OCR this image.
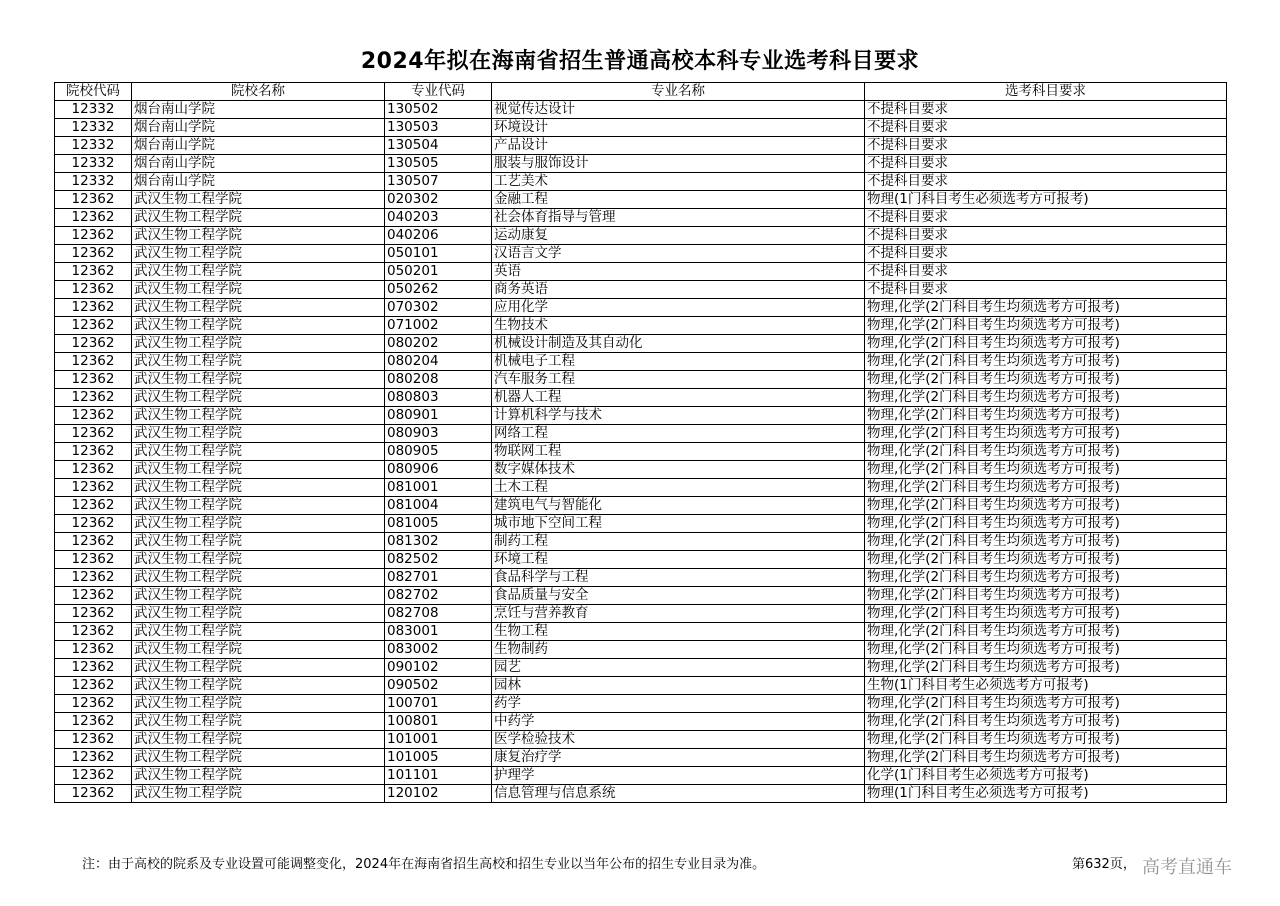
2024年拟在海南省招生普通高校本科专业选考科目要求
院校代码	院校名称	专业代码	专业名称	选考科目要求
12332	烟台南山学院	130502	视觉传达设计	不提科目要求
12332	烟台南山学院	130503	环境设计	不提科目要求
12332	烟台南山学院	130504	产品设计	不提科目要求
12332	烟台南山学院	130505	服装与服饰设计	不提科目要求
12332	烟台南山学院	130507	工艺美术	不提科目要求
12362	武汉生物工程学院	020302	金融工程	物理(1门科目考生必须选考方可报考)
12362	武汉生物工程学院	040203	社会体育指导与管理	不提科目要求
12362	武汉生物工程学院	040206	运动康复	不提科目要求
12362	武汉生物工程学院	050101	汉语言文学	不提科目要求
12362	武汉生物工程学院	050201	英语	不提科目要求
12362	武汉生物工程学院	050262	商务英语	不提科目要求
12362	武汉生物工程学院	070302	应用化学	物理,化学(2门科目考生均须选考方可报考)
12362	武汉生物工程学院	071002	生物技术	物理,化学(2门科目考生均须选考方可报考)
12362	武汉生物工程学院	080202	机械设计制造及其自动化	物理,化学(2门科目考生均须选考方可报考)
12362	武汉生物工程学院	080204	机械电子工程	物理,化学(2门科目考生均须选考方可报考)
12362	武汉生物工程学院	080208	汽车服务工程	物理,化学(2门科目考生均须选考方可报考)
12362	武汉生物工程学院	080803	机器人工程	物理,化学(2门科目考生均须选考方可报考)
12362	武汉生物工程学院	080901	计算机科学与技术	物理,化学(2门科目考生均须选考方可报考)
12362	武汉生物工程学院	080903	网络工程	物理,化学(2门科目考生均须选考方可报考)
12362	武汉生物工程学院	080905	物联网工程	物理,化学(2门科目考生均须选考方可报考)
12362	武汉生物工程学院	080906	数字媒体技术	物理,化学(2门科目考生均须选考方可报考)
12362	武汉生物工程学院	081001	土木工程	物理,化学(2门科目考生均须选考方可报考)
12362	武汉生物工程学院	081004	建筑电气与智能化	物理,化学(2门科目考生均须选考方可报考)
12362	武汉生物工程学院	081005	城市地下空间工程	物理,化学(2门科目考生均须选考方可报考)
12362	武汉生物工程学院	081302	制药工程	物理,化学(2门科目考生均须选考方可报考)
12362	武汉生物工程学院	082502	环境工程	物理,化学(2门科目考生均须选考方可报考)
12362	武汉生物工程学院	082701	食品科学与工程	物理,化学(2门科目考生均须选考方可报考)
12362	武汉生物工程学院	082702	食品质量与安全	物理,化学(2门科目考生均须选考方可报考)
12362	武汉生物工程学院	082708	烹饪与营养教育	物理,化学(2门科目考生均须选考方可报考)
12362	武汉生物工程学院	083001	生物工程	物理,化学(2门科目考生均须选考方可报考)
12362	武汉生物工程学院	083002	生物制药	物理,化学(2门科目考生均须选考方可报考)
12362	武汉生物工程学院	090102	园艺	物理,化学(2门科目考生均须选考方可报考)
12362	武汉生物工程学院	090502	园林	生物(1门科目考生必须选考方可报考)
12362	武汉生物工程学院	100701	药学	物理,化学(2门科目考生均须选考方可报考)
12362	武汉生物工程学院	100801	中药学	物理,化学(2门科目考生均须选考方可报考)
12362	武汉生物工程学院	101001	医学检验技术	物理,化学(2门科目考生均须选考方可报考)
12362	武汉生物工程学院	101005	康复治疗学	物理,化学(2门科目考生均须选考方可报考)
12362	武汉生物工程学院	101101	护理学	化学(1门科目考生必须选考方可报考)
12362	武汉生物工程学院	120102	信息管理与信息系统	物理(1门科目考生必须选考方可报考)
注：由于高校的院系及专业设置可能调整变化，2024年在海南省招生高校和招生专业以当年公布的招生专业目录为准。	第632页， 高考直通车
